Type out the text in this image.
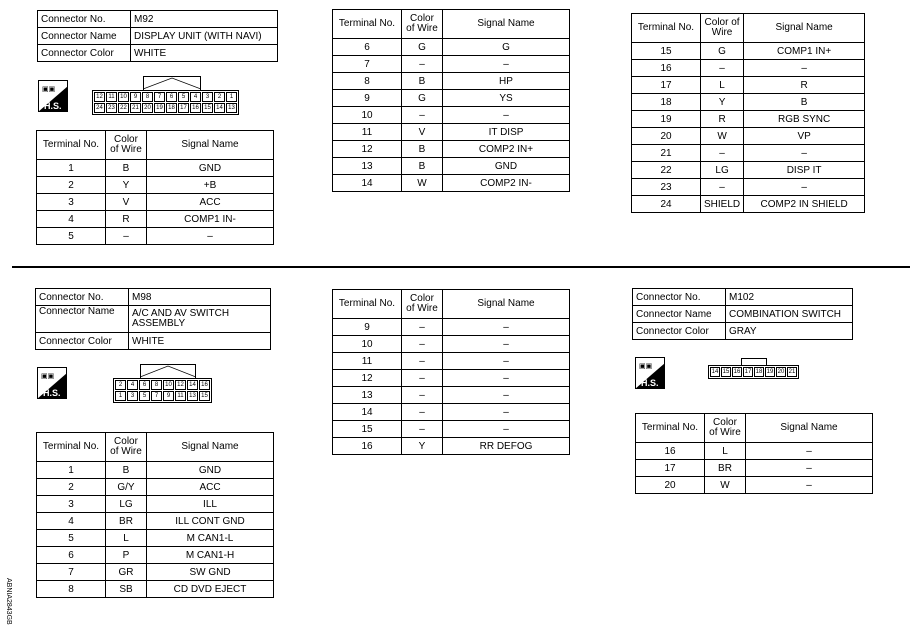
Connector No.	M92
Connector Name	DISPLAY UNIT (WITH NAVI)
Connector Color	WHITE
▣▣
H.S.
12 11 10	9	8	7	6	5	4	3	2	1
24 23 22 21 20 19 18 17 16 15 14 13
Terminal No.	Color of Wire	Signal Name
1	B	GND
2	Y	+B
3	V	ACC
4	R	COMP1 IN-
5	–	–
Terminal No.	Color of Wire	Signal Name
6	G	G
7	–	–
8	B	HP
9	G	YS
10	–	–
11	V	IT DISP
12	B	COMP2 IN+
13	B	GND
14	W	COMP2 IN-
Terminal No.	Color of Wire	Signal Name
15	G	COMP1 IN+
16	–	–
17	L	R
18	Y	B
19	R	RGB SYNC
20	W	VP
21	–	–
22	LG	DISP IT
23	–	–
24	SHIELD	COMP2 IN SHIELD
Connector No.	M98
Connector Name	A/C AND AV SWITCH ASSEMBLY
Connector Color	WHITE
▣▣
H.S.
2	4	6	8	10 12 14 16
1	3	5	7	9	11 13 15
Terminal No.	Color of Wire	Signal Name
1	B	GND
2	G/Y	ACC
3	LG	ILL
4	BR	ILL CONT GND
5	L	M CAN1-L
6	P	M CAN1-H
7	GR	SW GND
8	SB	CD DVD EJECT
Terminal No.	Color of Wire	Signal Name
9	–	–
10	–	–
11	–	–
12	–	–
13	–	–
14	–	–
15	–	–
16	Y	RR DEFOG
Connector No.	M102
Connector Name	COMBINATION SWITCH
Connector Color	GRAY
▣▣
H.S.
14 15 16 17 18 19 20 21
Terminal No.	Color of Wire	Signal Name
16	L	–
17	BR	–
20	W	–
ABNIA2843GB
